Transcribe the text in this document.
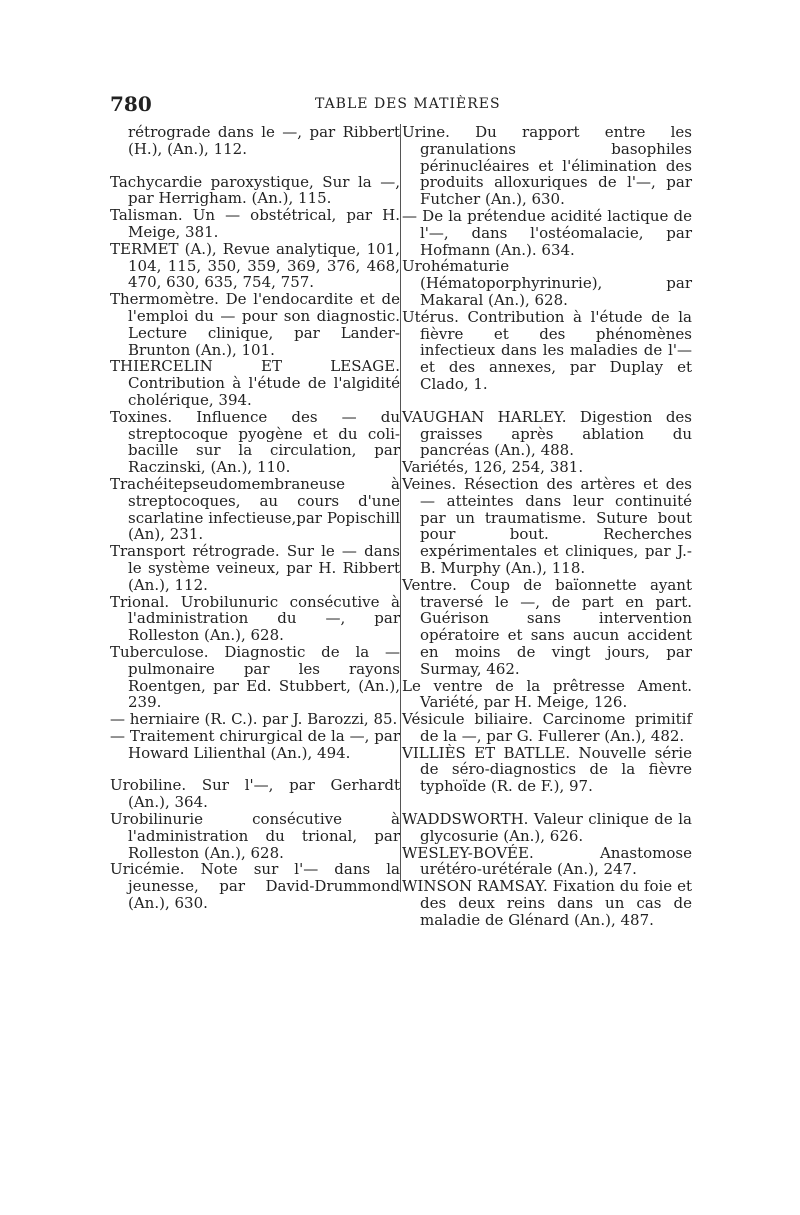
780	TABLE DES MATIÈRES
rétrograde dans le —, par Ribbert (H.), (An.), 112.
Tachycardie paroxystique, Sur la —, par Herrigham. (An.), 115.
Talisman. Un — obstétrical, par H. Meige, 381.
TERMET (A.), Revue analytique, 101, 104, 115, 350, 359, 369, 376, 468, 470, 630, 635, 754, 757.
Thermomètre. De l'endocardite et de l'emploi du — pour son diagnostic. Lecture clinique, par Lander-Brunton (An.), 101.
THIERCELIN ET LESAGE. Contribution à l'étude de l'algidité cholérique, 394.
Toxines. Influence des — du streptocoque pyogène et du coli-bacille sur la circulation, par Raczinski, (An.), 110.
Trachéitepseudomembraneuse à streptocoques, au cours d'une scarlatine infectieuse,par Popischill (An), 231.
Transport rétrograde. Sur le — dans le système veineux, par H. Ribbert (An.), 112.
Trional. Urobilunuric consécutive à l'administration du —, par Rolleston (An.), 628.
Tuberculose. Diagnostic de la — pulmonaire par les rayons Roentgen, par Ed. Stubbert, (An.), 239.
— herniaire (R. C.). par J. Barozzi, 85.
— Traitement chirurgical de la —, par Howard Lilienthal (An.), 494.
Urobiline. Sur l'—, par Gerhardt (An.), 364.
Urobilinurie consécutive à l'administration du trional, par Rolleston (An.), 628.
Uricémie. Note sur l'— dans la jeunesse, par David-Drummond (An.), 630.
Urine. Du rapport entre les granulations basophiles périnucléaires et l'élimination des produits alloxuriques de l'—, par Futcher (An.), 630.
— De la prétendue acidité lactique de l'—, dans l'ostéomalacie, par Hofmann (An.). 634.
Urohématurie (Hématoporphyrinurie), par Makaral (An.), 628.
Utérus. Contribution à l'étude de la fièvre et des phénomènes infectieux dans les maladies de l'— et des annexes, par Duplay et Clado, 1.
VAUGHAN HARLEY. Digestion des graisses après ablation du pancréas (An.), 488.
Variétés, 126, 254, 381.
Veines. Résection des artères et des — atteintes dans leur continuité par un traumatisme. Suture bout pour bout. Recherches expérimentales et cliniques, par J.-B. Murphy (An.), 118.
Ventre. Coup de baïonnette ayant traversé le —, de part en part. Guérison sans intervention opératoire et sans aucun accident en moins de vingt jours, par Surmay, 462.
Le ventre de la prêtresse Ament. Variété, par H. Meige, 126.
Vésicule biliaire. Carcinome primitif de la —, par G. Fullerer (An.), 482.
VILLIÈS ET BATLLE. Nouvelle série de séro-diagnostics de la fièvre typhoïde (R. de F.), 97.
WADDSWORTH. Valeur clinique de la glycosurie (An.), 626.
WESLEY-BOVÉE. Anastomose urétéro-urétérale (An.), 247.
WINSON RAMSAY. Fixation du foie et des deux reins dans un cas de maladie de Glénard (An.), 487.
